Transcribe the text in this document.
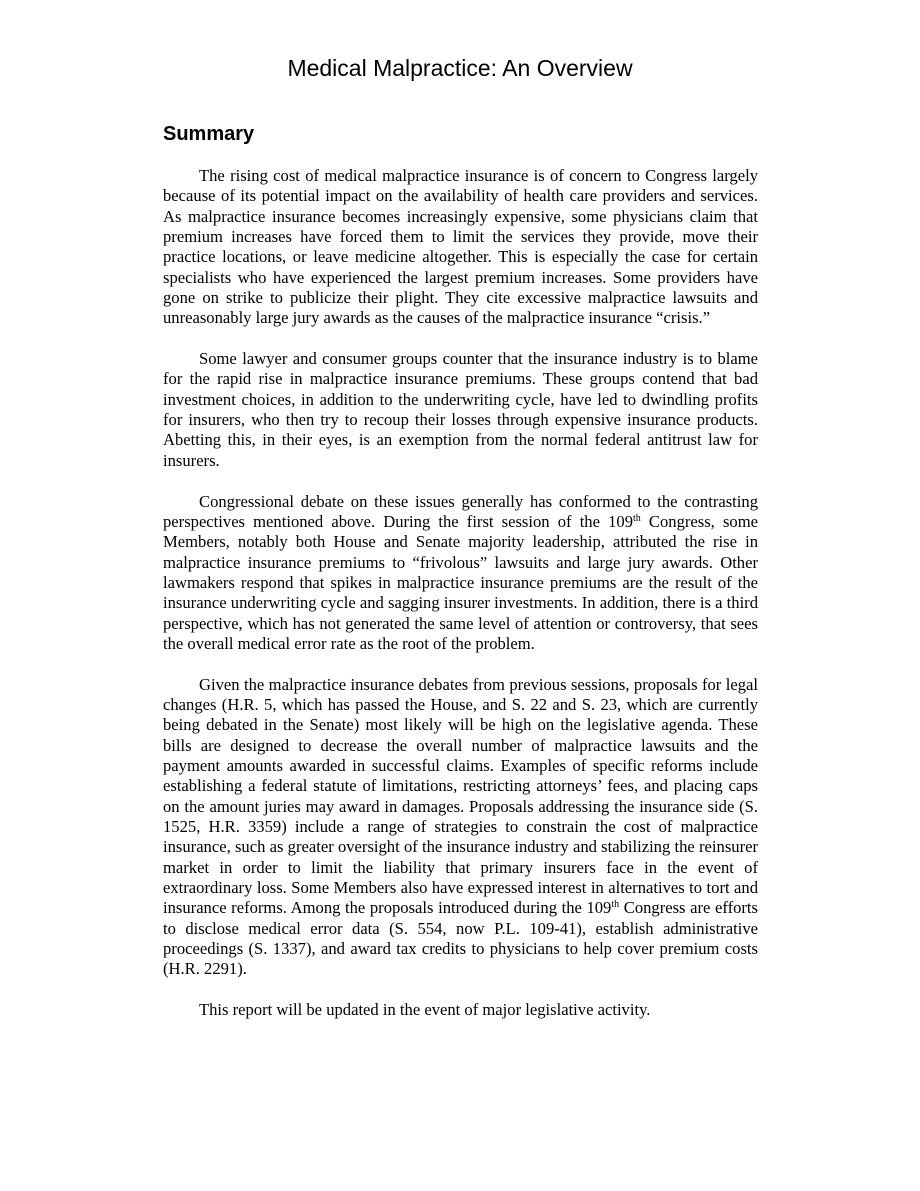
Medical Malpractice: An Overview
Summary

The rising cost of medical malpractice insurance is of concern to Congress largely because of its potential impact on the availability of health care providers and services. As malpractice insurance becomes increasingly expensive, some physicians claim that premium increases have forced them to limit the services they provide, move their practice locations, or leave medicine altogether. This is especially the case for certain specialists who have experienced the largest premium increases. Some providers have gone on strike to publicize their plight. They cite excessive malpractice lawsuits and unreasonably large jury awards as the causes of the malpractice insurance “crisis.”

Some lawyer and consumer groups counter that the insurance industry is to blame for the rapid rise in malpractice insurance premiums. These groups contend that bad investment choices, in addition to the underwriting cycle, have led to dwindling profits for insurers, who then try to recoup their losses through expensive insurance products. Abetting this, in their eyes, is an exemption from the normal federal antitrust law for insurers.

Congressional debate on these issues generally has conformed to the contrasting perspectives mentioned above. During the first session of the 109th Congress, some Members, notably both House and Senate majority leadership, attributed the rise in malpractice insurance premiums to “frivolous” lawsuits and large jury awards. Other lawmakers respond that spikes in malpractice insurance premiums are the result of the insurance underwriting cycle and sagging insurer investments. In addition, there is a third perspective, which has not generated the same level of attention or controversy, that sees the overall medical error rate as the root of the problem.

Given the malpractice insurance debates from previous sessions, proposals for legal changes (H.R. 5, which has passed the House, and S. 22 and S. 23, which are currently being debated in the Senate) most likely will be high on the legislative agenda. These bills are designed to decrease the overall number of malpractice lawsuits and the payment amounts awarded in successful claims. Examples of specific reforms include establishing a federal statute of limitations, restricting attorneys’ fees, and placing caps on the amount juries may award in damages. Proposals addressing the insurance side (S. 1525, H.R. 3359) include a range of strategies to constrain the cost of malpractice insurance, such as greater oversight of the insurance industry and stabilizing the reinsurer market in order to limit the liability that primary insurers face in the event of extraordinary loss. Some Members also have expressed interest in alternatives to tort and insurance reforms. Among the proposals introduced during the 109th Congress are efforts to disclose medical error data (S. 554, now P.L. 109-41), establish administrative proceedings (S. 1337), and award tax credits to physicians to help cover premium costs (H.R. 2291).

This report will be updated in the event of major legislative activity.
